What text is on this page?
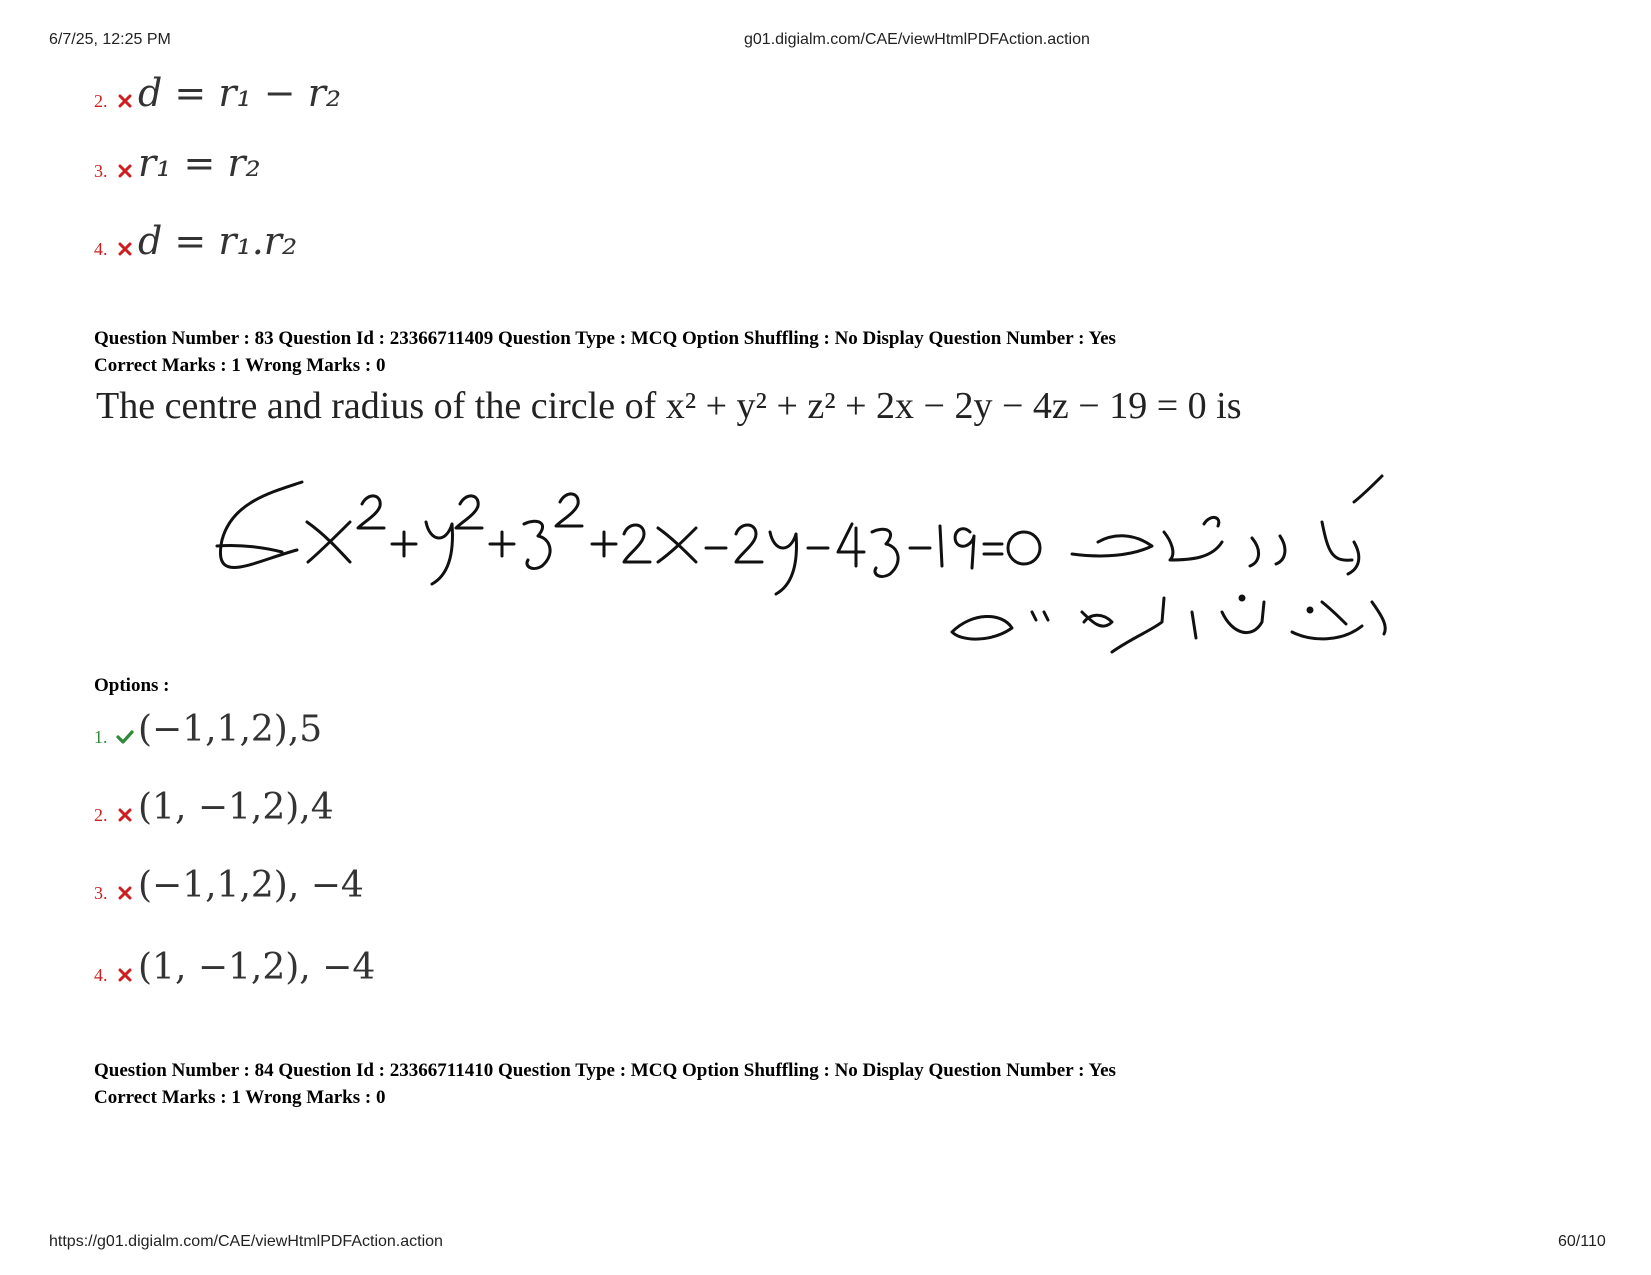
6/7/25, 12:25 PM	g01.digialm.com/CAE/viewHtmlPDFAction.action
2. d = r₁ − r₂
3. r₁ = r₂
4. d = r₁.r₂
Question Number : 83 Question Id : 23366711409 Question Type : MCQ Option Shuffling : No Display Question Number : Yes
Correct Marks : 1 Wrong Marks : 0
The centre and radius of the circle of x² + y² + z² + 2x − 2y − 4z − 19 = 0 is
Options :
1. (−1,1,2),5
2. (1, −1,2),4
3. (−1,1,2), −4
4. (1, −1,2), −4
Question Number : 84 Question Id : 23366711410 Question Type : MCQ Option Shuffling : No Display Question Number : Yes
Correct Marks : 1 Wrong Marks : 0
https://g01.digialm.com/CAE/viewHtmlPDFAction.action	60/110
